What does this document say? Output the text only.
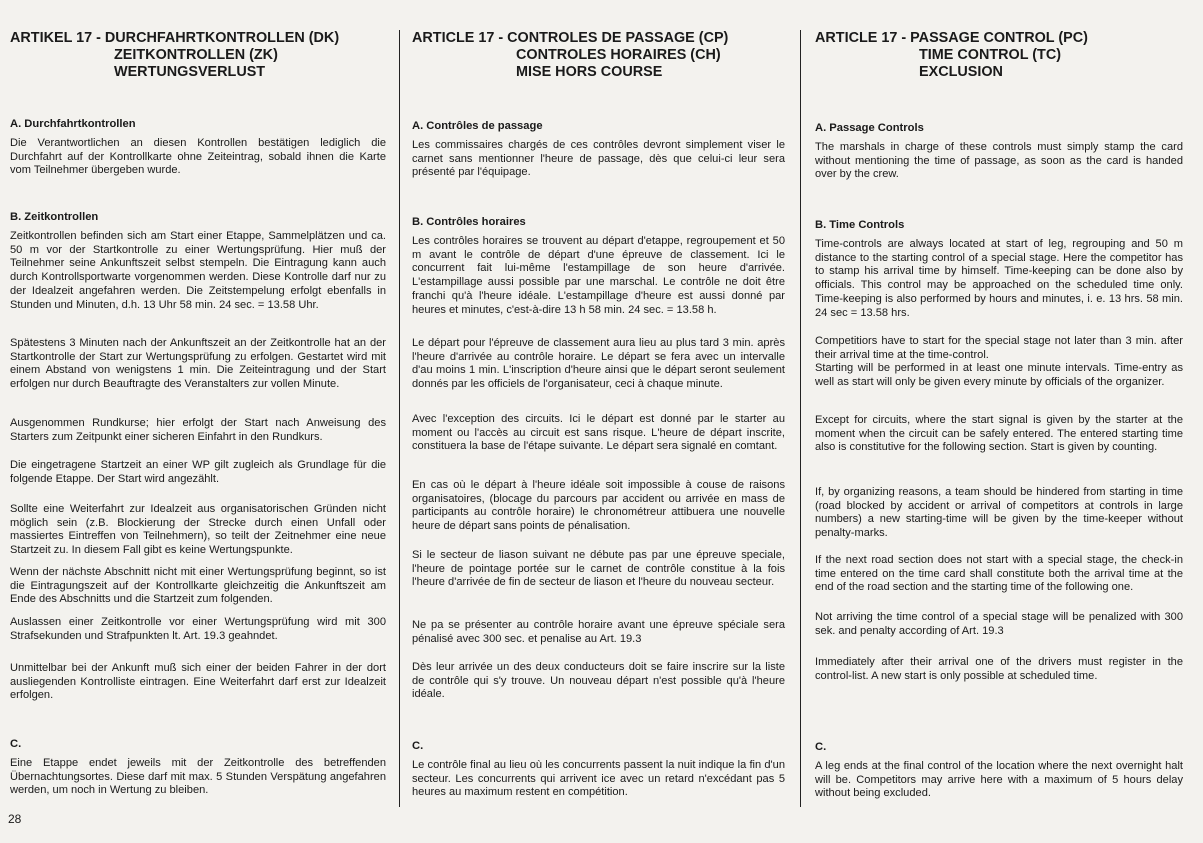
ARTIKEL 17 - DURCHFAHRTKONTROLLEN (DK)
ZEITKONTROLLEN (ZK)
WERTUNGSVERLUST
A. Durchfahrtkontrollen
Die Verantwortlichen an diesen Kontrollen bestätigen lediglich die Durchfahrt auf der Kontrollkarte ohne Zeiteintrag, sobald ihnen die Karte vom Teilnehmer übergeben wurde.
B. Zeitkontrollen
Zeitkontrollen befinden sich am Start einer Etappe, Sammelplätzen und ca. 50 m vor der Startkontrolle zu einer Wertungsprüfung. Hier muß der Teilnehmer seine Ankunftszeit selbst stempeln. Die Eintragung kann auch durch Kontrollsportwarte vorgenommen werden. Diese Kontrolle darf nur zu der Idealzeit angefahren werden. Die Zeitstempelung erfolgt ebenfalls in Stunden und Minuten, d.h. 13 Uhr 58 min. 24 sec. = 13.58 Uhr.
Spätestens 3 Minuten nach der Ankunftszeit an der Zeitkontrolle hat an der Startkontrolle der Start zur Wertungsprüfung zu erfolgen. Gestartet wird mit einem Abstand von wenigstens 1 min. Die Zeiteintragung und der Start erfolgen nur durch Beauftragte des Veranstalters zur vollen Minute.
Ausgenommen Rundkurse; hier erfolgt der Start nach Anweisung des Starters zum Zeitpunkt einer sicheren Einfahrt in den Rundkurs.
Die eingetragene Startzeit an einer WP gilt zugleich als Grundlage für die folgende Etappe. Der Start wird angezählt.
Sollte eine Weiterfahrt zur Idealzeit aus organisatorischen Gründen nicht möglich sein (z.B. Blockierung der Strecke durch einen Unfall oder massiertes Eintreffen von Teilnehmern), so teilt der Zeitnehmer eine neue Startzeit zu. In diesem Fall gibt es keine Wertungspunkte.
Wenn der nächste Abschnitt nicht mit einer Wertungsprüfung beginnt, so ist die Eintragungszeit auf der Kontrollkarte gleichzeitig die Ankunftszeit am Ende des Abschnitts und die Startzeit zum folgenden.
Auslassen einer Zeitkontrolle vor einer Wertungsprüfung wird mit 300 Strafsekunden und Strafpunkten lt. Art. 19.3 geahndet.
Unmittelbar bei der Ankunft muß sich einer der beiden Fahrer in der dort ausliegenden Kontrolliste eintragen. Eine Weiterfahrt darf erst zur Idealzeit erfolgen.
C.
Eine Etappe endet jeweils mit der Zeitkontrolle des betreffenden Übernachtungsortes. Diese darf mit max. 5 Stunden Verspätung angefahren werden, um noch in Wertung zu bleiben.
ARTICLE 17 - CONTROLES DE PASSAGE (CP)
CONTROLES HORAIRES (CH)
MISE HORS COURSE
A. Contrôles de passage
Les commissaires chargés de ces contrôles devront simplement viser le carnet sans mentionner l'heure de passage, dès que celui-ci leur sera présenté par l'équipage.
B. Contrôles horaires
Les contrôles horaires se trouvent au départ d'etappe, regroupement et 50 m avant le contrôle de départ d'une épreuve de classement. Ici le concurrent fait lui-même l'estampillage de son heure d'arrivée. L'estampillage aussi possible par une marschal. Le contrôle ne doit être franchi qu'à l'heure idéale. L'estampillage d'heure est aussi donné par heures et minutes, c'est-à-dire 13 h 58 min. 24 sec. = 13.58 h.
Le départ pour l'épreuve de classement aura lieu au plus tard 3 min. après l'heure d'arrivée au contrôle horaire. Le départ se fera avec un intervalle d'au moins 1 min. L'inscription d'heure ainsi que le départ seront seulement donnés par les officiels de l'organisateur, ceci à chaque minute.
Avec l'exception des circuits. Ici le départ est donné par le starter au moment ou l'accès au circuit est sans risque. L'heure de départ inscrite, constituera la base de l'étape suivante. Le départ sera signalé en comtant.
En cas où le départ à l'heure idéale soit impossible à couse de raisons organisatoires, (blocage du parcours par accident ou arrivée en mass de participants au contrôle horaire) le chronométreur attibuera une nouvelle heure de départ sans points de pénalisation.
Si le secteur de liason suivant ne débute pas par une épreuve speciale, l'heure de pointage portée sur le carnet de contrôle constitue à la fois l'heure d'arrivée de fin de secteur de liason et l'heure du nouveau secteur.
Ne pa se présenter au contrôle horaire avant une épreuve spéciale sera pénalisé avec 300 sec. et penalise au Art. 19.3
Dès leur arrivée un des deux conducteurs doit se faire inscrire sur la liste de contrôle qui s'y trouve. Un nouveau départ n'est possible qu'à l'heure idéale.
C.
Le contrôle final au lieu où les concurrents passent la nuit indique la fin d'un secteur. Les concurrents qui arrivent ice avec un retard n'excédant pas 5 heures au maximum restent en compétition.
ARTICLE 17 - PASSAGE CONTROL (PC)
TIME CONTROL (TC)
EXCLUSION
A. Passage Controls
The marshals in charge of these controls must simply stamp the card without mentioning the time of passage, as soon as the card is handed over by the crew.
B. Time Controls
Time-controls are always located at start of leg, regrouping and 50 m distance to the starting control of a special stage. Here the competitor has to stamp his arrival time by himself. Time-keeping can be done also by officials. This control may be approached on the scheduled time only. Time-keeping is also performed by hours and minutes, i. e. 13 hrs. 58 min. 24 sec = 13.58 hrs.
Competitiors have to start for the special stage not later than 3 min. after their arrival time at the time-control.
Starting will be performed in at least one minute intervals. Time-entry as well as start will only be given every minute by officials of the organizer.
Except for circuits, where the start signal is given by the starter at the moment when the circuit can be safely entered. The entered starting time also is constitutive for the following section. Start is given by counting.
If, by organizing reasons, a team should be hindered from starting in time (road blocked by accident or arrival of competitors at controls in large numbers) a new starting-time will be given by the time-keeper without penalty-marks.
If the next road section does not start with a special stage, the check-in time entered on the time card shall constitute both the arrival time at the end of the road section and the starting time of the following one.
Not arriving the time control of a special stage will be penalized with 300 sek. and penalty according of Art. 19.3
Immediately after their arrival one of the drivers must register in the control-list. A new start is only possible at scheduled time.
C.
A leg ends at the final control of the location where the next overnight halt will be. Competitors may arrive here with a maximum of 5 hours delay without being excluded.
28
